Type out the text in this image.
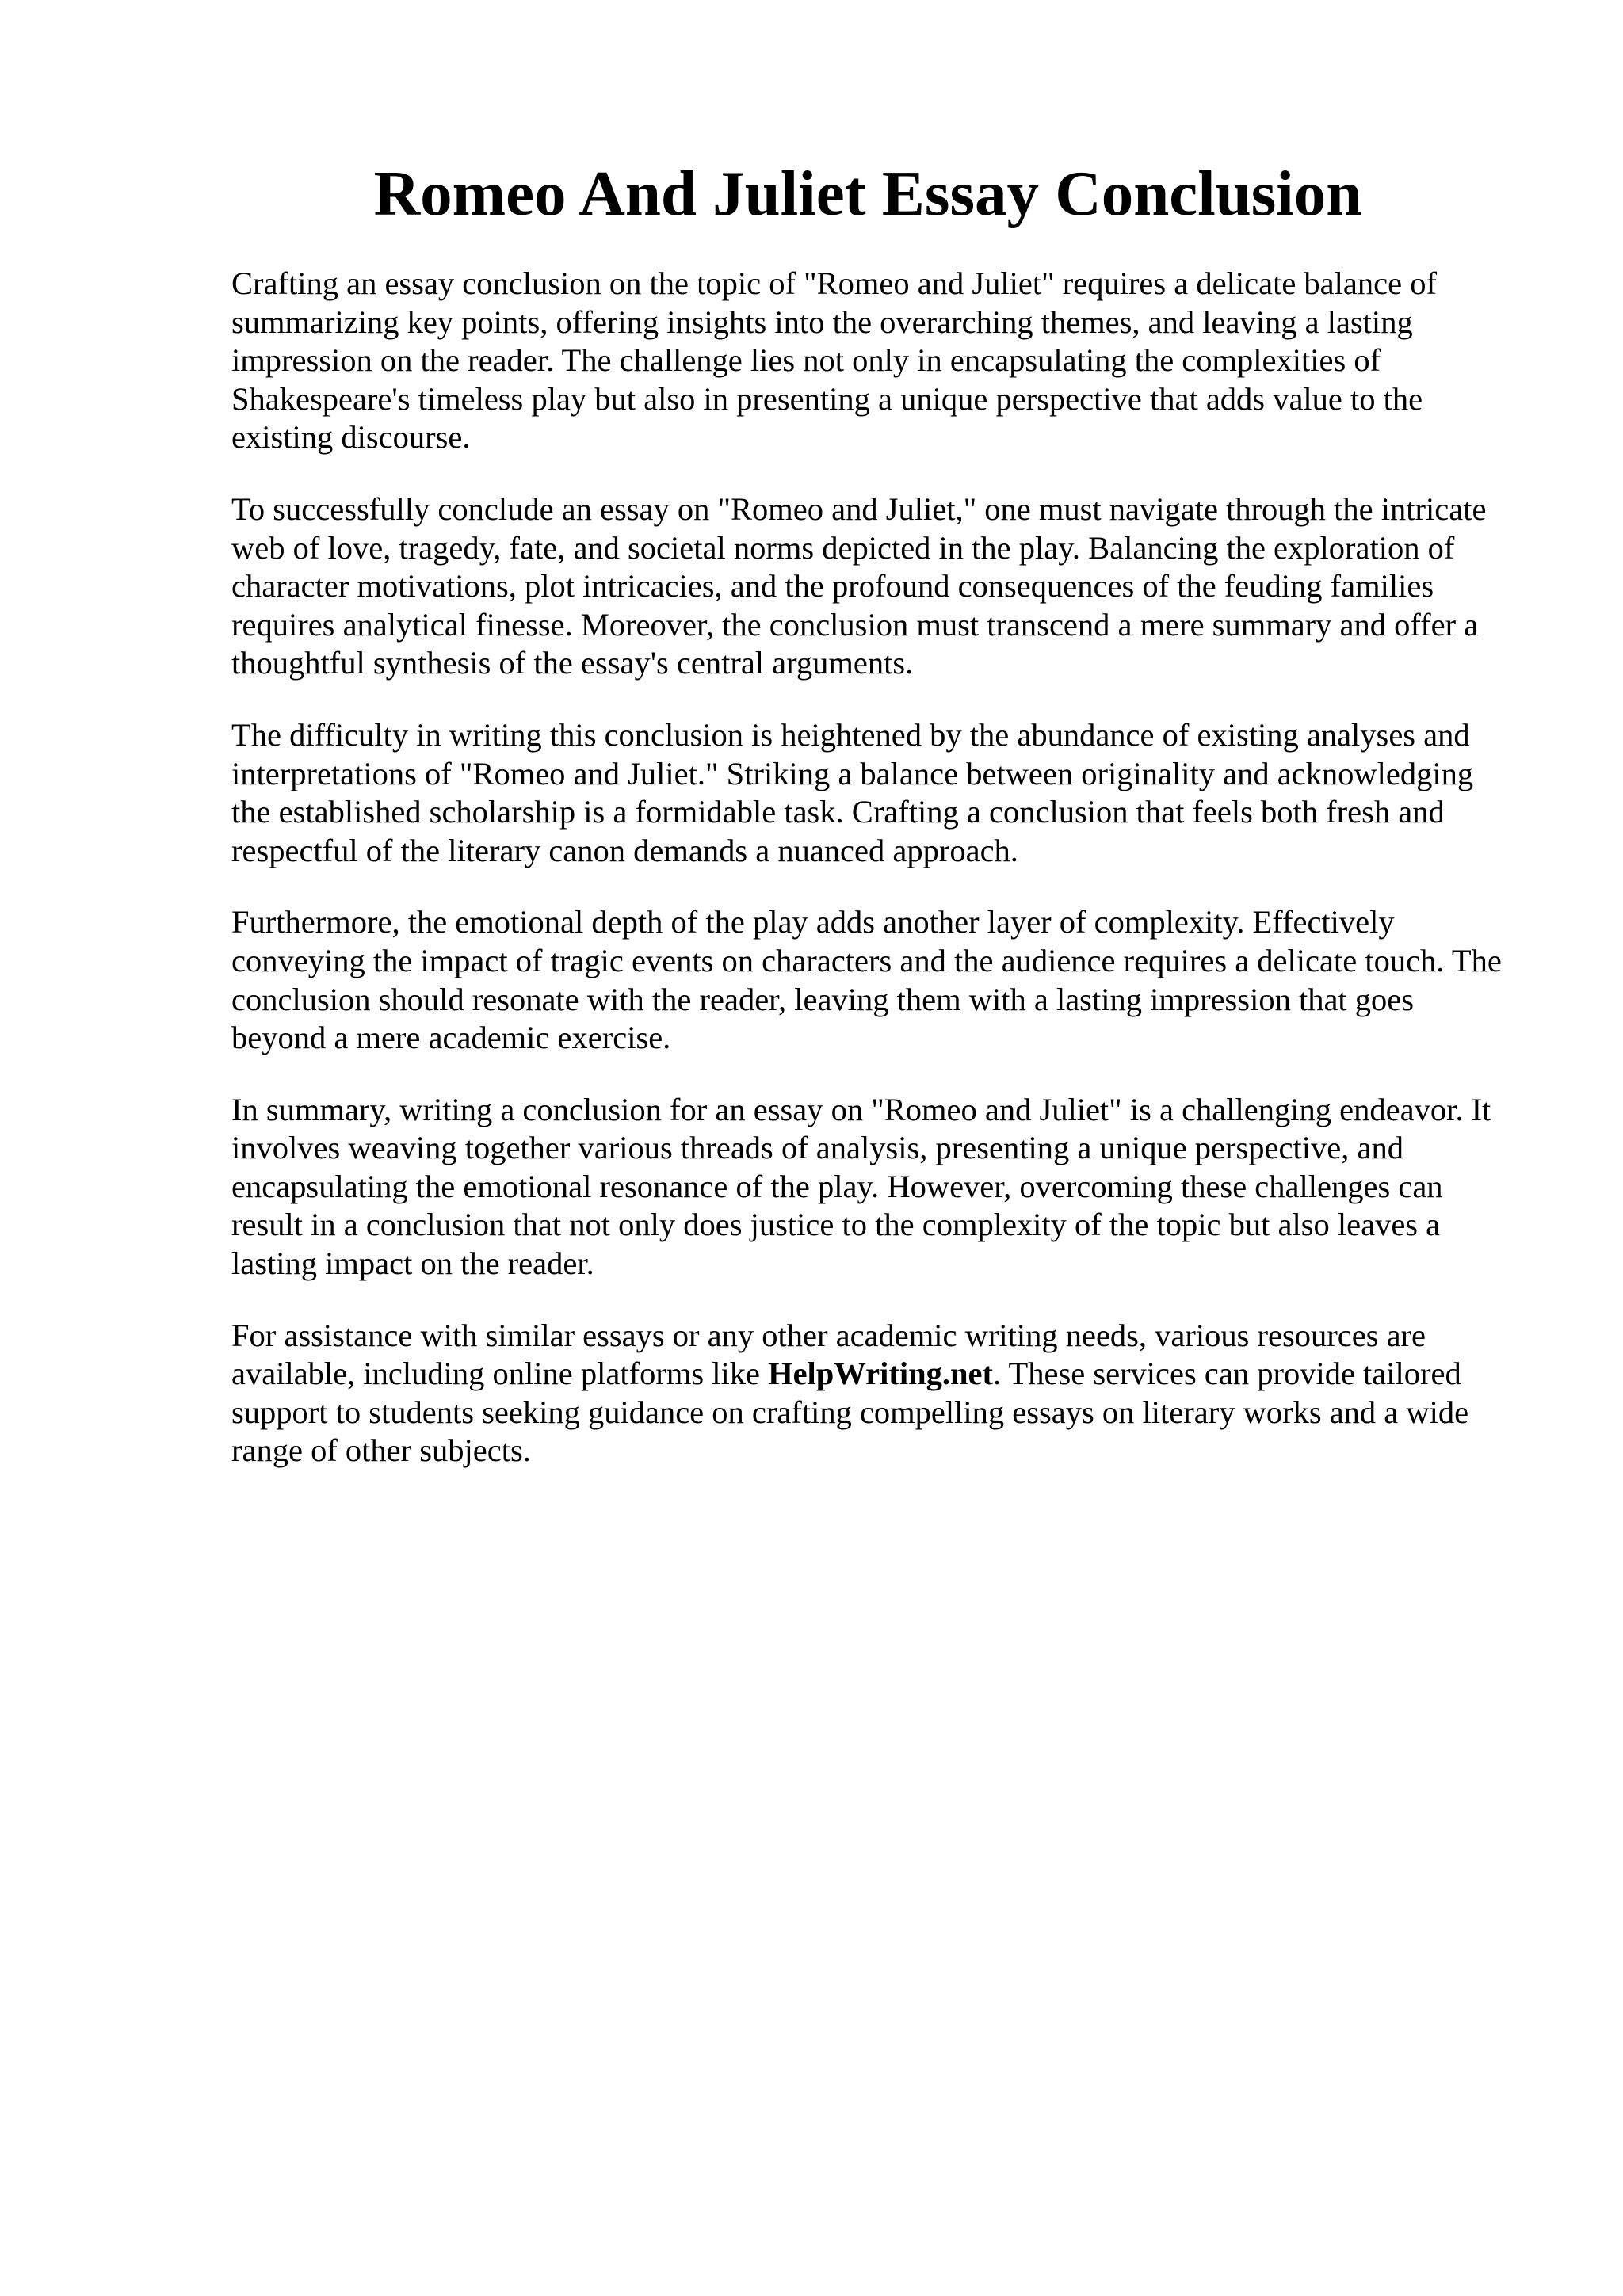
Romeo And Juliet Essay Conclusion

Crafting an essay conclusion on the topic of "Romeo and Juliet" requires a delicate balance of summarizing key points, offering insights into the overarching themes, and leaving a lasting impression on the reader. The challenge lies not only in encapsulating the complexities of Shakespeare's timeless play but also in presenting a unique perspective that adds value to the existing discourse.

To successfully conclude an essay on "Romeo and Juliet," one must navigate through the intricate web of love, tragedy, fate, and societal norms depicted in the play. Balancing the exploration of character motivations, plot intricacies, and the profound consequences of the feuding families requires analytical finesse. Moreover, the conclusion must transcend a mere summary and offer a thoughtful synthesis of the essay's central arguments.

The difficulty in writing this conclusion is heightened by the abundance of existing analyses and interpretations of "Romeo and Juliet." Striking a balance between originality and acknowledging the established scholarship is a formidable task. Crafting a conclusion that feels both fresh and respectful of the literary canon demands a nuanced approach.

Furthermore, the emotional depth of the play adds another layer of complexity. Effectively conveying the impact of tragic events on characters and the audience requires a delicate touch. The conclusion should resonate with the reader, leaving them with a lasting impression that goes beyond a mere academic exercise.

In summary, writing a conclusion for an essay on "Romeo and Juliet" is a challenging endeavor. It involves weaving together various threads of analysis, presenting a unique perspective, and encapsulating the emotional resonance of the play. However, overcoming these challenges can result in a conclusion that not only does justice to the complexity of the topic but also leaves a lasting impact on the reader.

For assistance with similar essays or any other academic writing needs, various resources are available, including online platforms like HelpWriting.net. These services can provide tailored support to students seeking guidance on crafting compelling essays on literary works and a wide range of other subjects.
